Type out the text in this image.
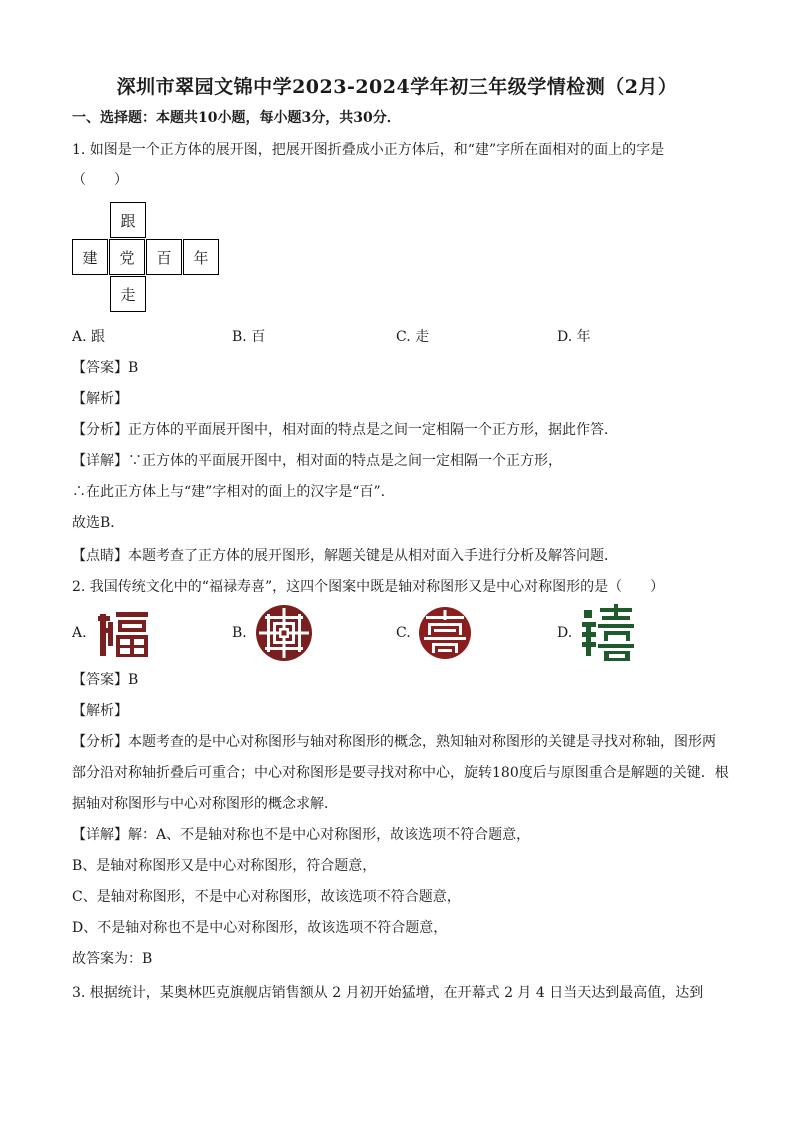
深圳市翠园文锦中学2023-2024学年初三年级学情检测（2月）
一、选择题：本题共10小题，每小题3分，共30分．
1. 如图是一个正方体的展开图，把展开图折叠成小正方体后，和“建”字所在面相对的面上的字是
（　　）
跟
建	党	百	年
走
A. 跟	B. 百	C. 走	D. 年
【答案】B
【解析】
【分析】正方体的平面展开图中，相对面的特点是之间一定相隔一个正方形，据此作答．
【详解】∵正方体的平面展开图中，相对面的特点是之间一定相隔一个正方形，
∴在此正方体上与“建”字相对的面上的汉字是“百”.
故选B．
【点睛】本题考查了正方体的展开图形，解题关键是从相对面入手进行分析及解答问题．
2. 我国传统文化中的“福禄寿喜”，这四个图案中既是轴对称图形又是中心对称图形的是（　　）
A.	B.	C.	D.
【答案】B
【解析】
【分析】本题考查的是中心对称图形与轴对称图形的概念，熟知轴对称图形的关键是寻找对称轴，图形两
部分沿对称轴折叠后可重合；中心对称图形是要寻找对称中心，旋转180度后与原图重合是解题的关键．根
据轴对称图形与中心对称图形的概念求解．
【详解】解：A、不是轴对称也不是中心对称图形，故该选项不符合题意，
B、是轴对称图形又是中心对称图形，符合题意，
C、是轴对称图形，不是中心对称图形，故该选项不符合题意，
D、不是轴对称也不是中心对称图形，故该选项不符合题意，
故答案为：B
3. 根据统计，某奥林匹克旗舰店销售额从 2 月初开始猛增，在开幕式 2 月 4 日当天达到最高值，达到
